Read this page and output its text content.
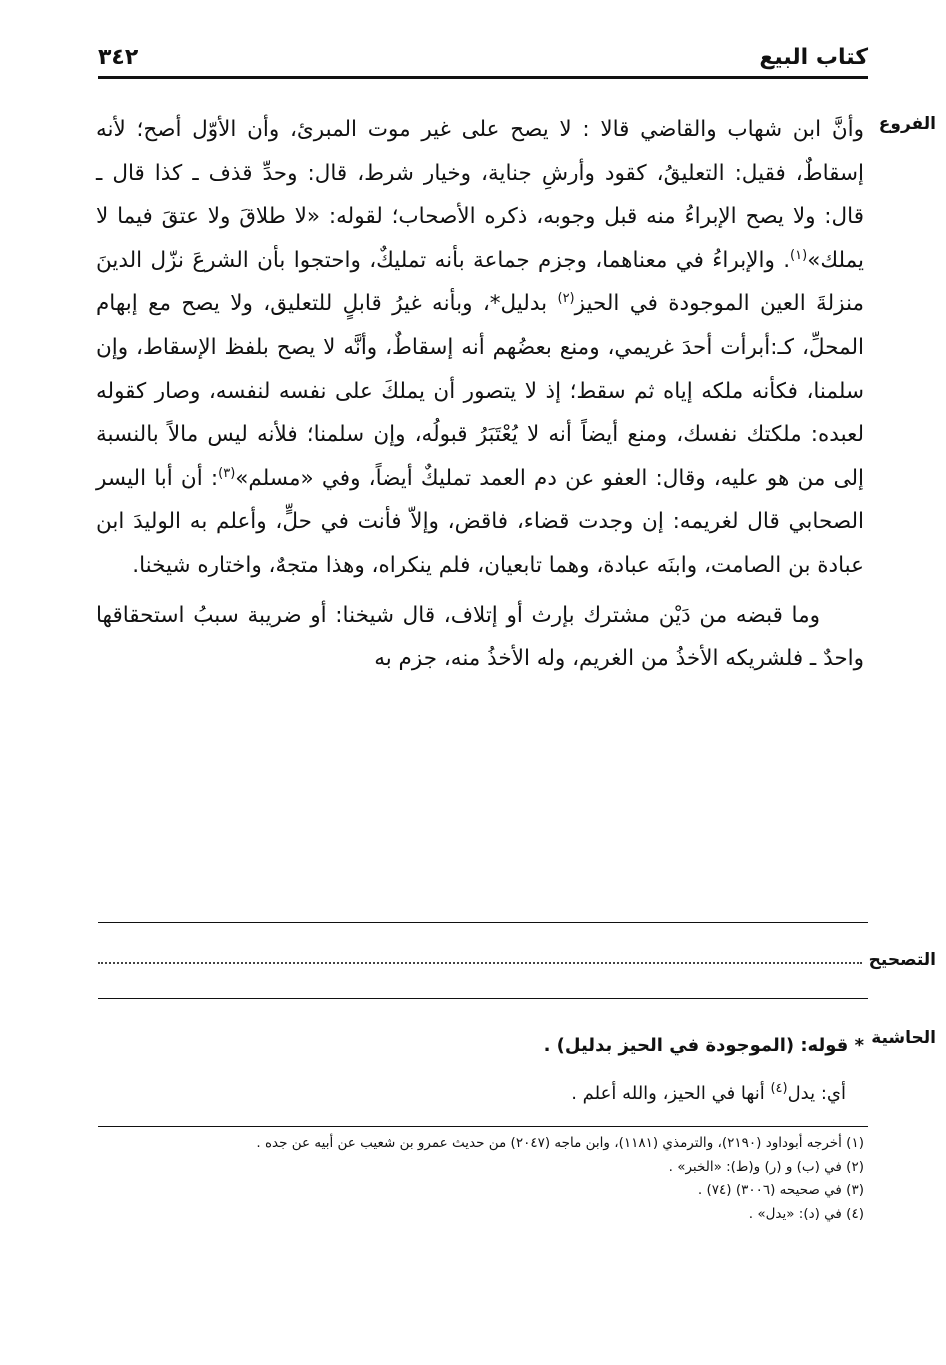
كتاب البيع
٣٤٢
الفروع

وأنَّ ابن شهاب والقاضي قالا : لا يصح على غير موت المبرئ، وأن الأوّل أصح؛ لأنه إسقاطٌ، فقيل: التعليقُ، كقود وأرشِ جناية، وخيار شرط، قال: وحدِّ قذف ـ كذا قال ـ قال: ولا يصح الإبراءُ منه قبل وجوبه، ذكره الأصحاب؛ لقوله: «لا طلاقَ ولا عتقَ فيما لا يملك»$^{(١)}$. والإبراءُ في معناهما، وجزم جماعة بأنه تمليكٌ، واحتجوا بأن الشرعَ نزّل الدينَ منزلةَ العين الموجودة في الحيز$^{(٢)}$ بدليل*، وبأنه غيرُ قابلٍ للتعليق، ولا يصح مع إبهام المحلِّ، كـ:أبرأت أحدَ غريمي، ومنع بعضُهم أنه إسقاطٌ، وأنَّه لا يصح بلفظ الإسقاط، وإن سلمنا، فكأنه ملكه إياه ثم سقط؛ إذ لا يتصور أن يملكَ على نفسه لنفسه، وصار كقوله لعبده: ملكتك نفسك، ومنع أيضاً أنه لا يُعْتَبَرُ قبولُه، وإن سلمنا؛ فلأنه ليس مالاً بالنسبة إلى من هو عليه، وقال: العفو عن دم العمد تمليكٌ أيضاً، وفي «مسلم»$^{(٣)}$: أن أبا اليسر الصحابي قال لغريمه: إن وجدت قضاء، فاقض، وإلاّ فأنت في حلٍّ، وأعلم به الوليدَ ابن عبادة بن الصامت، وابنَه عبادة، وهما تابعيان، فلم ينكراه، وهذا متجهٌ، واختاره شيخنا.

وما قبضه من دَيْن مشترك بإرث أو إتلاف، قال شيخنا: أو ضريبة سببُ استحقاقها واحدٌ ـ فلشريكه الأخذُ من الغريم، وله الأخذُ منه، جزم به

التصحيح
الحاشية
* قوله: (الموجودة في الحيز بدليل) .
أي: يدل$^{(٤)}$ أنها في الحيز، والله أعلم .
(١) أخرجه أبوداود (٢١٩٠)، والترمذي (١١٨١)، وابن ماجه (٢٠٤٧) من حديث عمرو بن شعيب عن أبيه عن جده .
(٢) في (ب) و (ر) و(ط): «الخبر» .
(٣) في صحيحه (٣٠٠٦) (٧٤) .
(٤) في (د): «يدل» .
